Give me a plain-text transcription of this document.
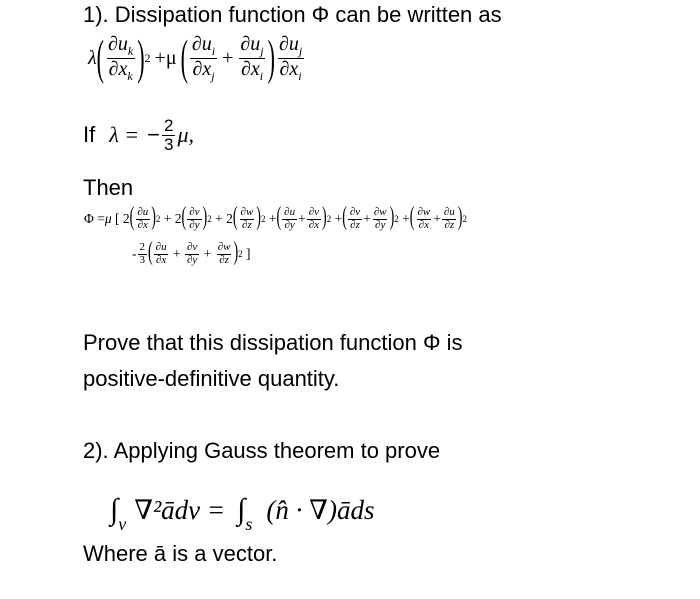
1). Dissipation function Φ can be written as
λ ( $\frac{\partial u_k}{\partial x_k}$ ) 2 +μ ( $\frac{\partial u_i}{\partial x_j} + \frac{\partial u_j}{\partial x_i}$ ) $\frac{\partial u_j}{\partial x_i}$
If λ = − $\frac{2}{3} \mu$,
Then
Φ = μ [ 2 ( $\frac{\partial u}{\partial x}$ ) 2 + 2 ( $\frac{\partial v}{\partial y}$ ) 2 + 2 ( $\frac{\partial w}{\partial z}$ ) 2 + ( $\frac{\partial u}{\partial y} + \frac{\partial v}{\partial x}$ ) 2 + ( $\frac{\partial v}{\partial z} + \frac{\partial w}{\partial y}$ ) 2 + ( $\frac{\partial w}{\partial x} + \frac{\partial u}{\partial z}$ ) 2
- $\frac{2}{3}$ ( $\frac{\partial u}{\partial x} + \frac{\partial v}{\partial y} + \frac{\partial w}{\partial z}$ ) 2 ]
Prove that this dissipation function Φ is
positive-definitive quantity.
2). Applying Gauss theorem to prove
∫ v ∇²ādv = ∫ s (n̂ · ∇)āds
Where ā is a vector.
